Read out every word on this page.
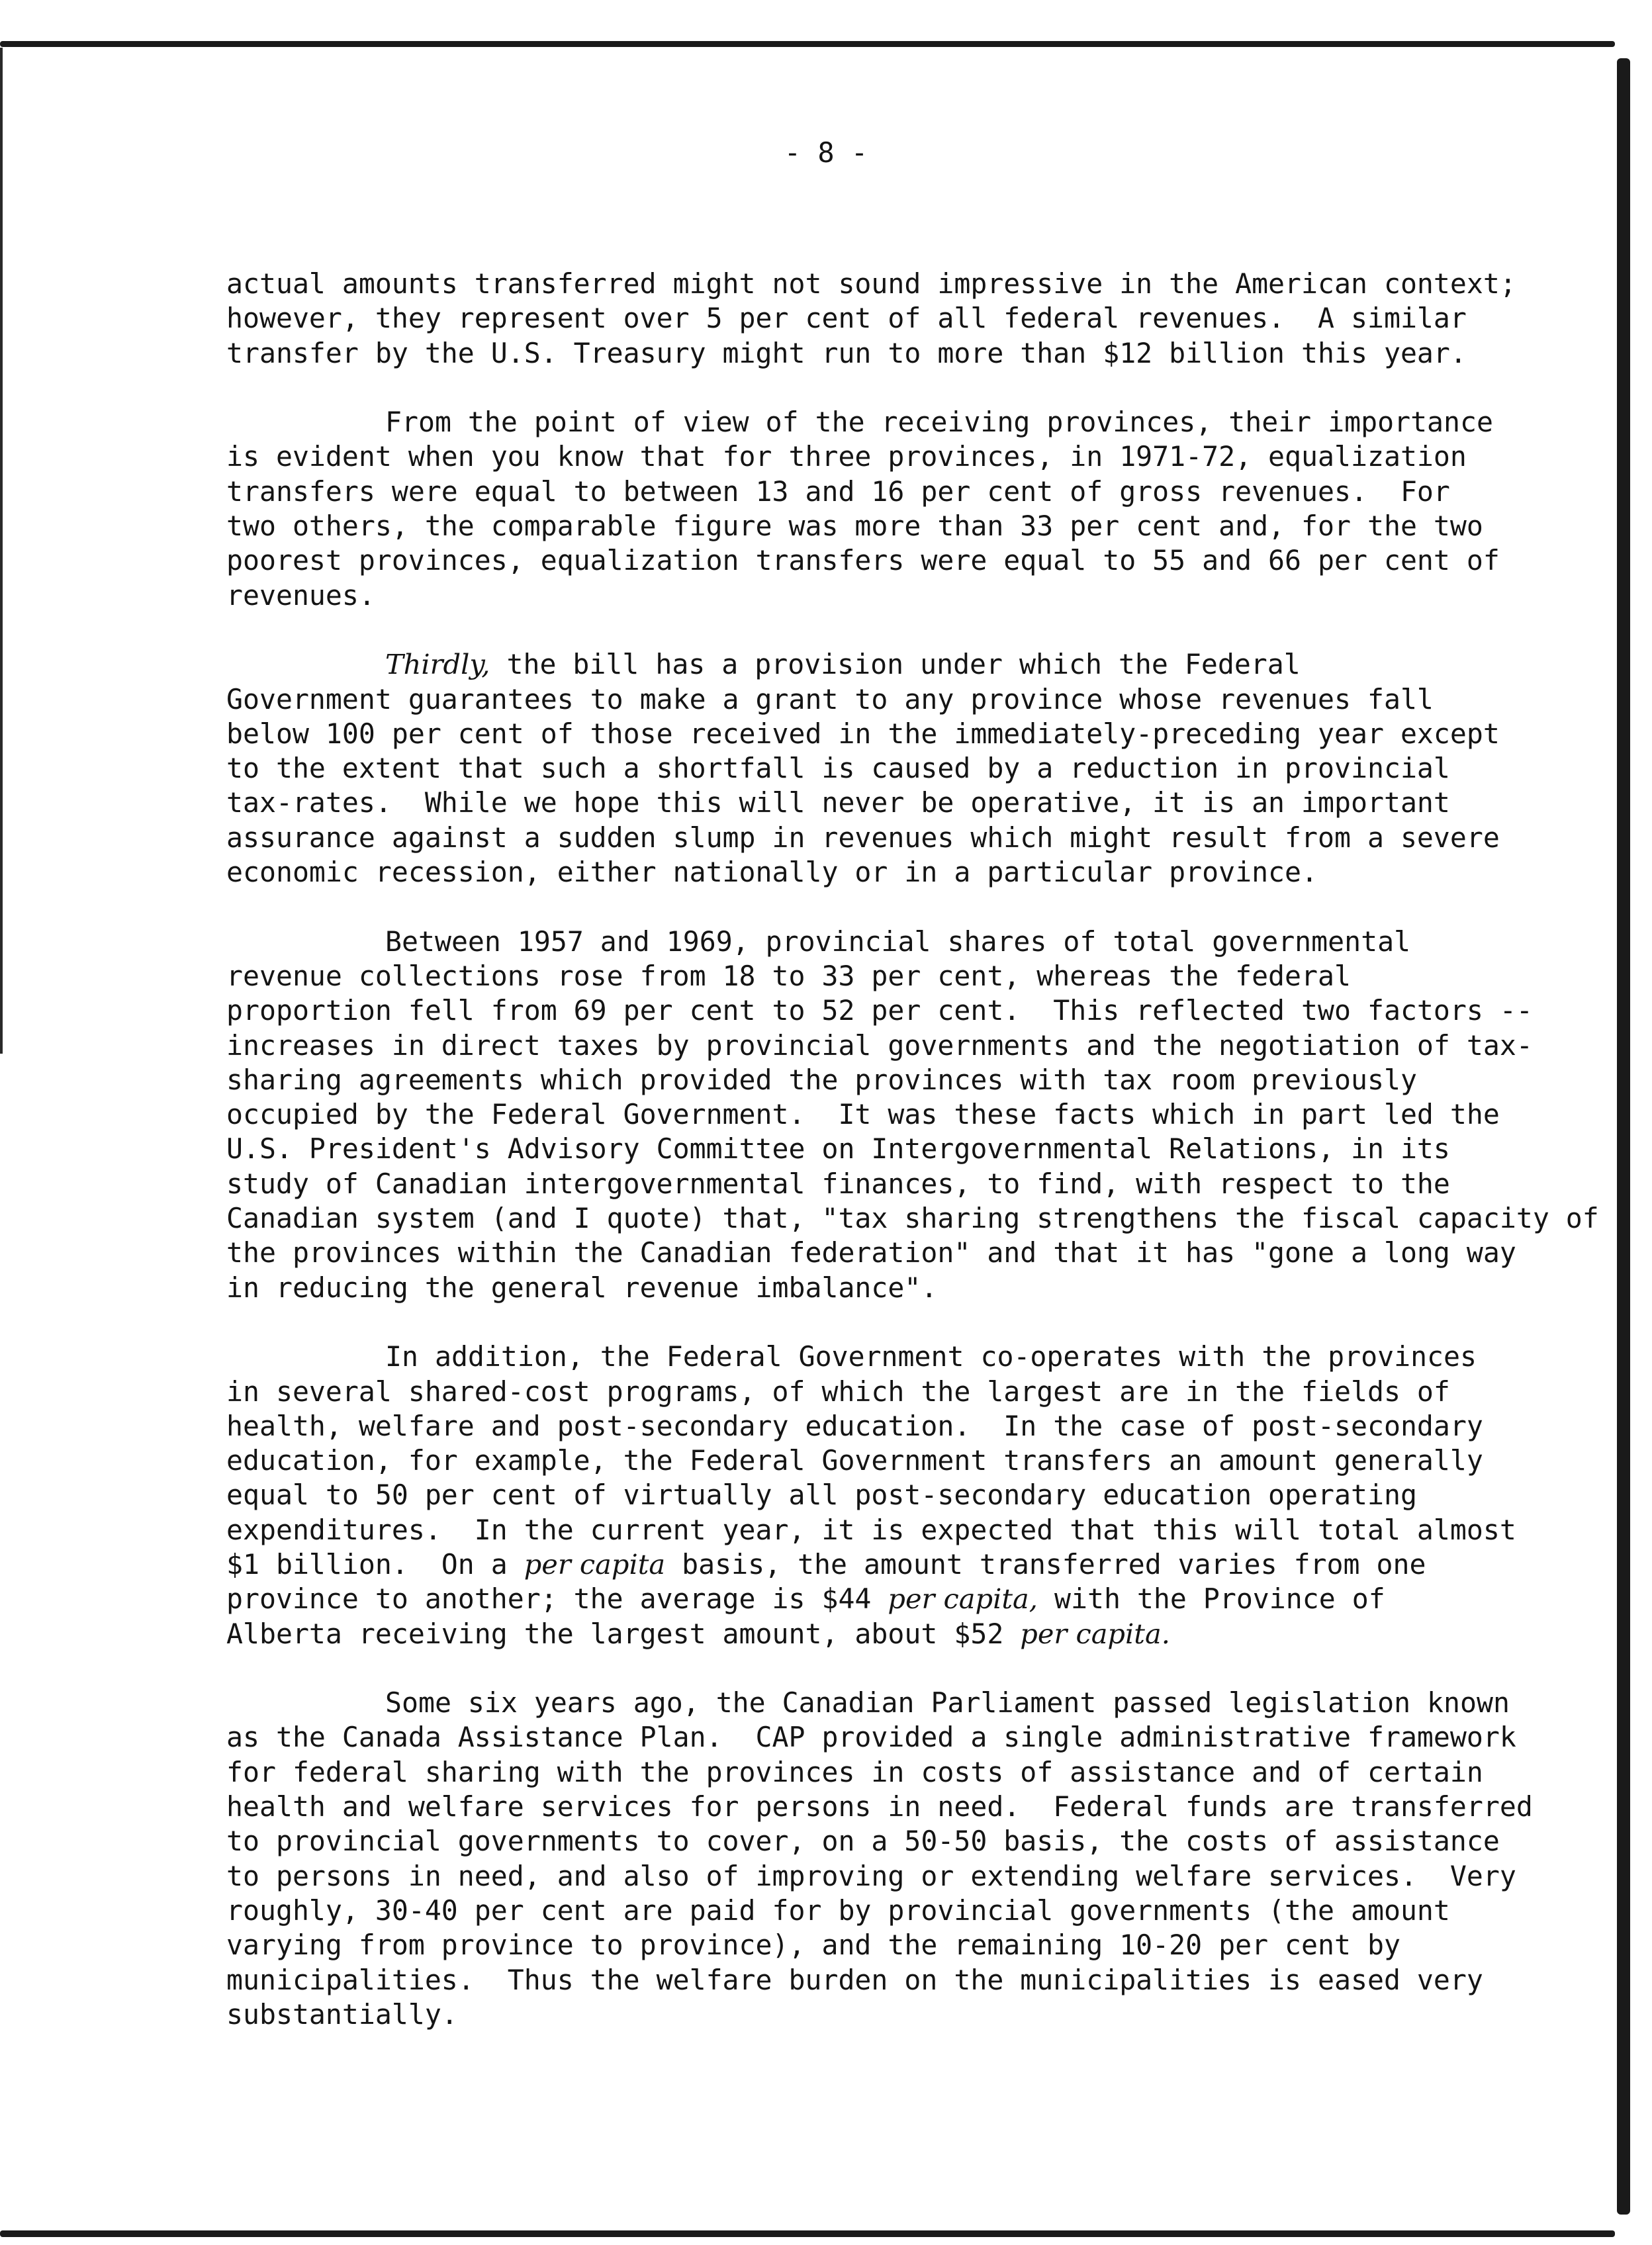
- 8 -
actual amounts transferred might not sound impressive in the American context;
however, they represent over 5 per cent of all federal revenues.  A similar
transfer by the U.S. Treasury might run to more than $12 billion this year.
From the point of view of the receiving provinces, their importance
is evident when you know that for three provinces, in 1971-72, equalization
transfers were equal to between 13 and 16 per cent of gross revenues.  For
two others, the comparable figure was more than 33 per cent and, for the two
poorest provinces, equalization transfers were equal to 55 and 66 per cent of
revenues.
Thirdly, the bill has a provision under which the Federal
Government guarantees to make a grant to any province whose revenues fall
below 100 per cent of those received in the immediately-preceding year except
to the extent that such a shortfall is caused by a reduction in provincial
tax-rates.  While we hope this will never be operative, it is an important
assurance against a sudden slump in revenues which might result from a severe
economic recession, either nationally or in a particular province.
Between 1957 and 1969, provincial shares of total governmental
revenue collections rose from 18 to 33 per cent, whereas the federal
proportion fell from 69 per cent to 52 per cent.  This reflected two factors --
increases in direct taxes by provincial governments and the negotiation of tax-
sharing agreements which provided the provinces with tax room previously
occupied by the Federal Government.  It was these facts which in part led the
U.S. President's Advisory Committee on Intergovernmental Relations, in its
study of Canadian intergovernmental finances, to find, with respect to the
Canadian system (and I quote) that, "tax sharing strengthens the fiscal capacity of
the provinces within the Canadian federation" and that it has "gone a long way
in reducing the general revenue imbalance".
In addition, the Federal Government co-operates with the provinces
in several shared-cost programs, of which the largest are in the fields of
health, welfare and post-secondary education.  In the case of post-secondary
education, for example, the Federal Government transfers an amount generally
equal to 50 per cent of virtually all post-secondary education operating
expenditures.  In the current year, it is expected that this will total almost
$1 billion.  On a per capita basis, the amount transferred varies from one
province to another; the average is $44 per capita, with the Province of
Alberta receiving the largest amount, about $52 per capita.
Some six years ago, the Canadian Parliament passed legislation known
as the Canada Assistance Plan.  CAP provided a single administrative framework
for federal sharing with the provinces in costs of assistance and of certain
health and welfare services for persons in need.  Federal funds are transferred
to provincial governments to cover, on a 50-50 basis, the costs of assistance
to persons in need, and also of improving or extending welfare services.  Very
roughly, 30-40 per cent are paid for by provincial governments (the amount
varying from province to province), and the remaining 10-20 per cent by
municipalities.  Thus the welfare burden on the municipalities is eased very
substantially.
